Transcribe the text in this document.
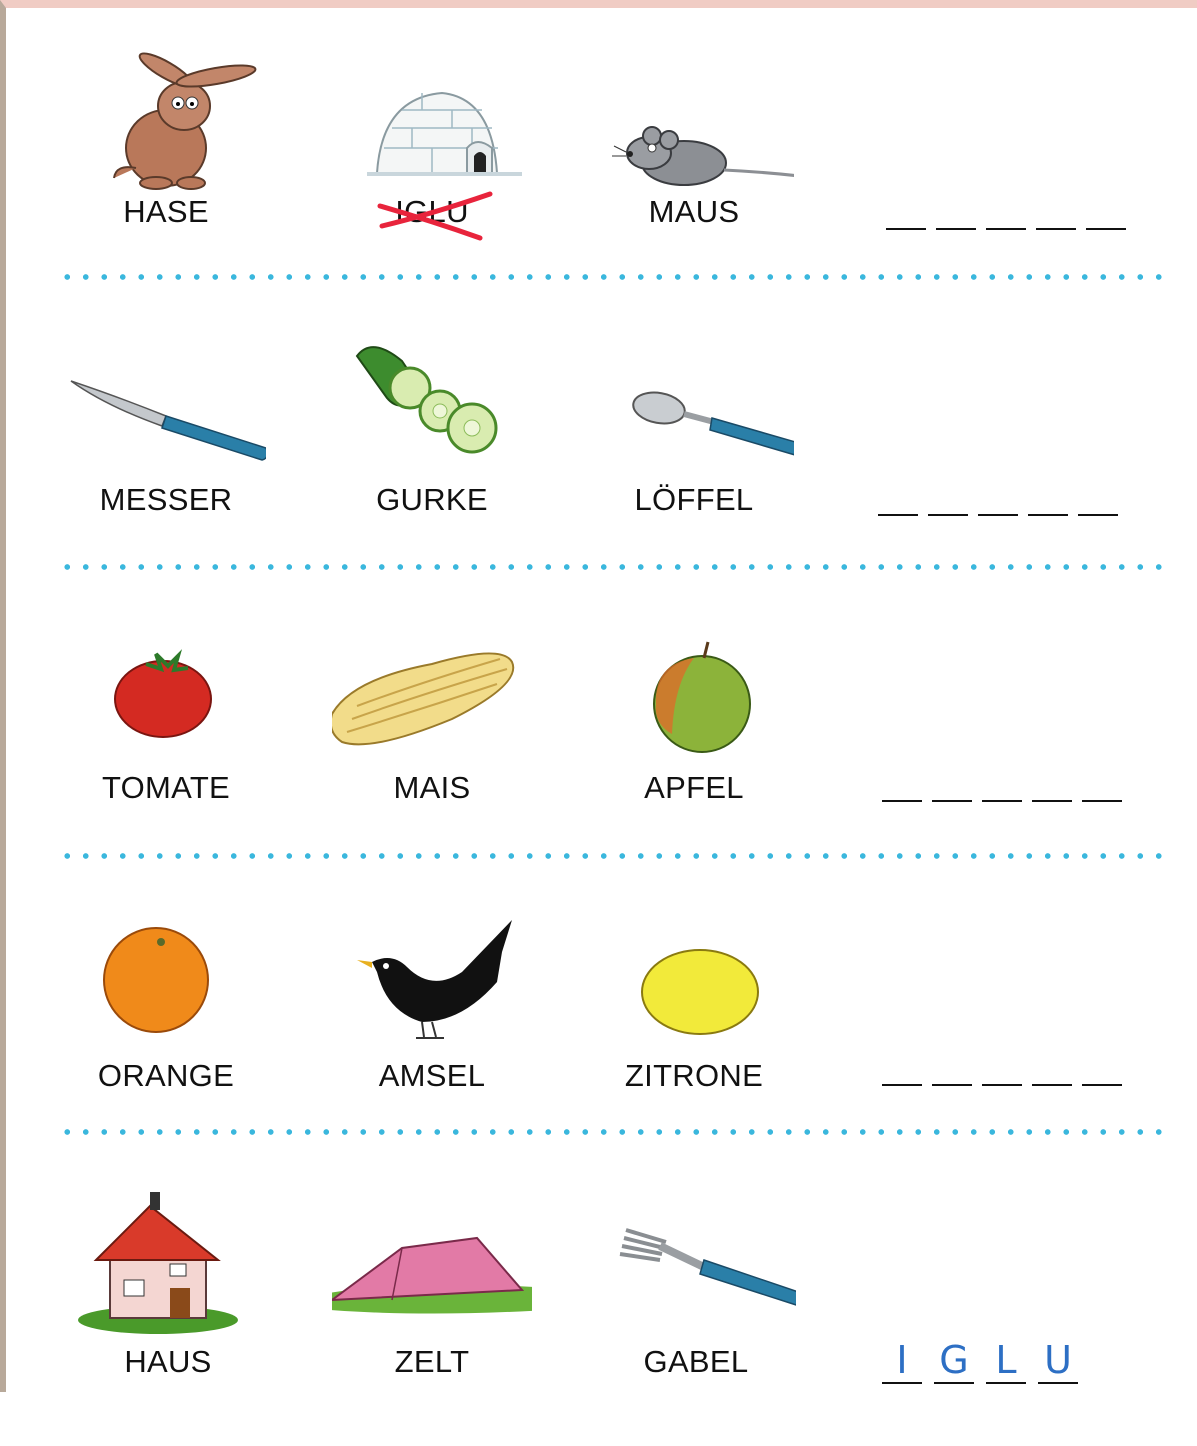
HASE	IGLU	MAUS
MESSER	GURKE	LÖFFEL
TOMATE	MAIS	APFEL
ORANGE	AMSEL	ZITRONE
HAUS	ZELT	GABEL	I G L U
